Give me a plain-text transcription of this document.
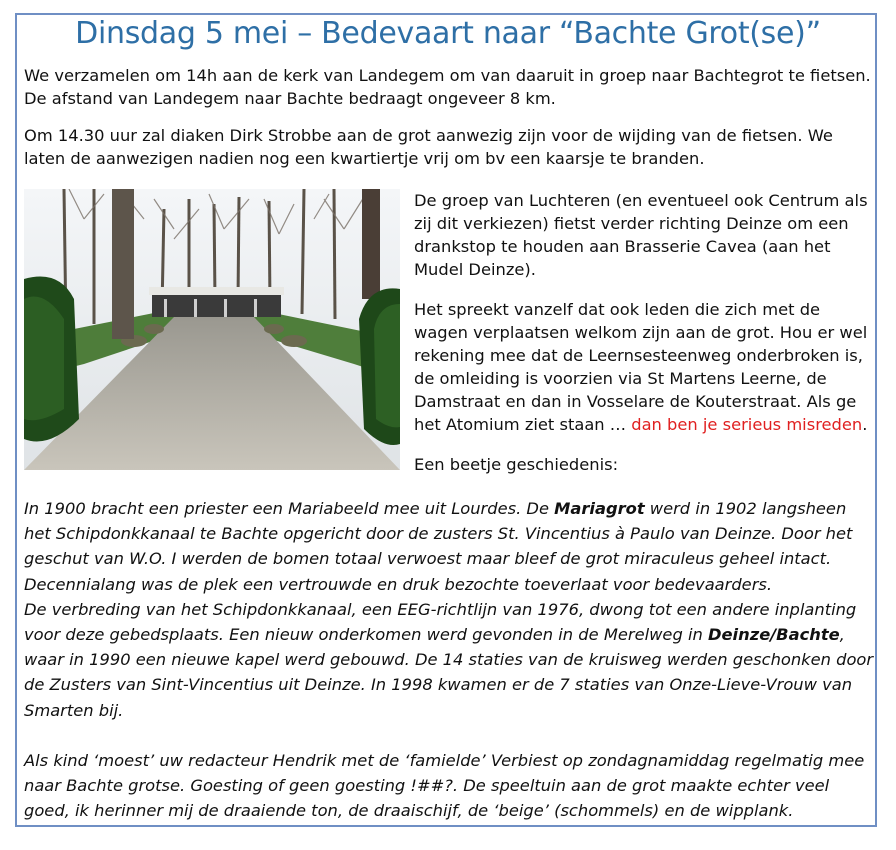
Dinsdag 5 mei – Bedevaart naar “Bachte Grot(se)”
We verzamelen om 14h aan de kerk van Landegem om van daaruit in groep naar Bachtegrot te fietsen.
De afstand van Landegem naar Bachte bedraagt ongeveer 8 km.
Om 14.30 uur zal diaken Dirk Strobbe aan de grot aanwezig zijn voor de wijding van de fietsen. We
laten de aanwezigen nadien nog een kwartiertje vrij om bv een kaarsje te branden.
De groep van Luchteren (en eventueel ook Centrum als
zij dit verkiezen) fietst verder richting Deinze om een
drankstop te houden aan Brasserie Cavea (aan het
Mudel Deinze).
Het spreekt vanzelf dat ook leden die zich met de
wagen verplaatsen welkom zijn aan de grot. Hou er wel
rekening mee dat de Leernsesteenweg onderbroken is,
de omleiding is voorzien via St Martens Leerne, de
Damstraat en dan in Vosselare de Kouterstraat. Als ge
het Atomium ziet staan … dan ben je serieus misreden.
Een beetje geschiedenis:

In 1900 bracht een priester een Mariabeeld mee uit Lourdes. De Mariagrot werd in 1902 langsheen

het Schipdonkkanaal te Bachte opgericht door de zusters St. Vincentius à Paulo van Deinze. Door het

geschut van W.O. I werden de bomen totaal verwoest maar bleef de grot miraculeus geheel intact.

Decennialang was de plek een vertrouwde en druk bezochte toeverlaat voor bedevaarders.

De verbreding van het Schipdonkkanaal, een EEG-richtlijn van 1976, dwong tot een andere inplanting

voor deze gebedsplaats. Een nieuw onderkomen werd gevonden in de Merelweg in Deinze/Bachte,

waar in 1990 een nieuwe kapel werd gebouwd. De 14 staties van de kruisweg werden geschonken door

de Zusters van Sint-Vincentius uit Deinze. In 1998 kwamen er de 7 staties van Onze-Lieve-Vrouw van

Smarten bij.

Als kind ‘moest’ uw redacteur Hendrik met de ‘famielde’ Verbiest op zondagnamiddag regelmatig mee

naar Bachte grotse. Goesting of geen goesting !##?. De speeltuin aan de grot maakte echter veel

goed, ik herinner mij de draaiende ton, de draaischijf, de ‘beige’ (schommels) en de wipplank.
